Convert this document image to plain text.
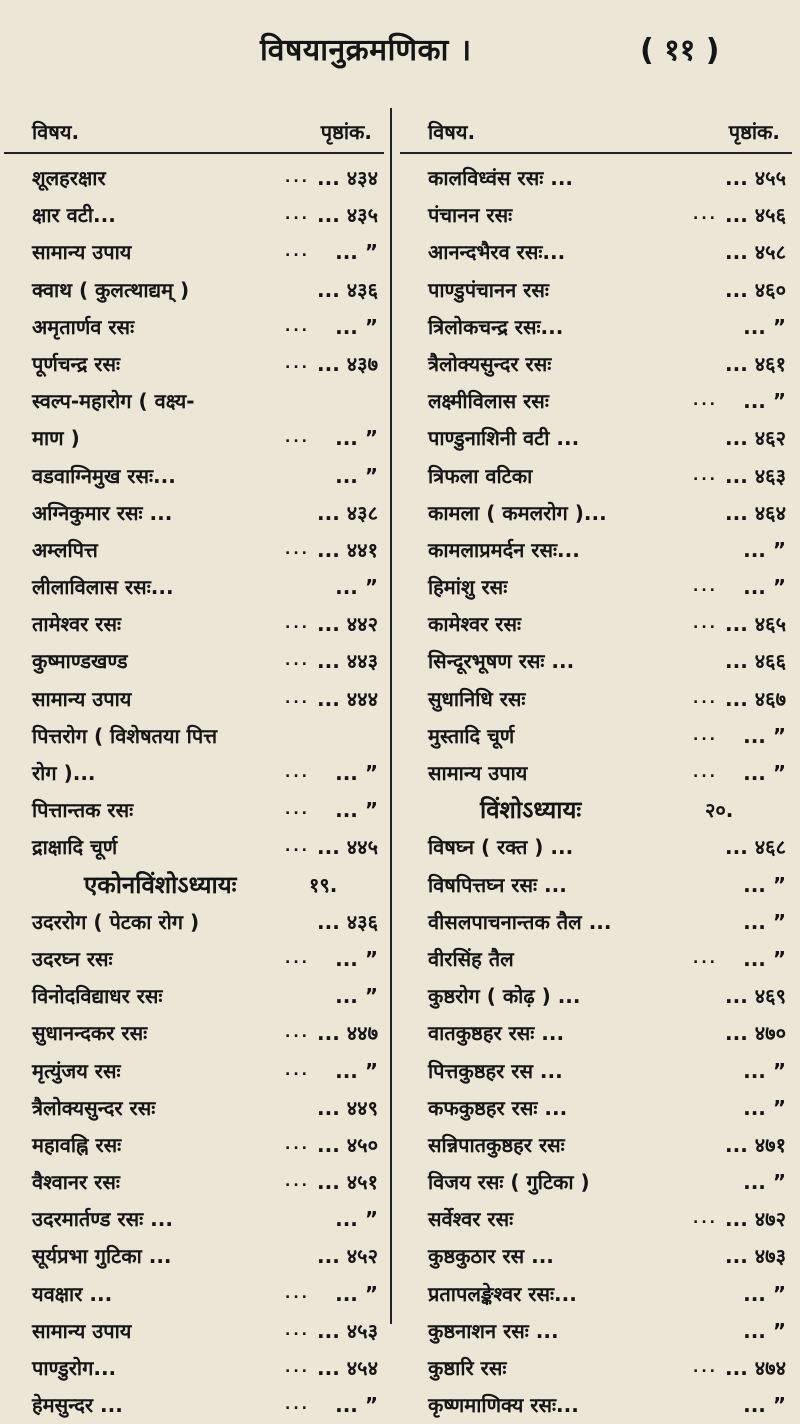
विषयानुक्रमणिका ।	( ११ )
विषय.	पृष्ठांक.
शूलहरक्षार	... ... ४३४
क्षार वटी...	... ... ४३५
सामान्य उपाय	... ... ”
क्वाथ ( कुलत्थाद्यम् )	... ४३६
अमृतार्णव रसः	... ... ”
पूर्णचन्द्र रसः	... ... ४३७
स्वल्प-महारोग ( वक्ष्य-
माण )	... ... ”
वडवाग्निमुख रसः...	... ”
अग्निकुमार रसः ...	... ४३८
अम्लपित्त	... ... ४४१
लीलाविलास रसः...	... ”
तामेश्वर रसः	... ... ४४२
कुष्माण्डखण्ड	... ... ४४३
सामान्य उपाय	... ... ४४४
पित्तरोग ( विशेषतया पित्त
रोग )...	... ... ”
पित्तान्तक रसः	... ... ”
द्राक्षादि चूर्ण	... ... ४४५
एकोनविंशोऽध्यायः	१९.
उदररोग ( पेटका रोग )	... ४३६
उदरघ्न रसः	... ... ”
विनोदविद्याधर रसः	... ”
सुधानन्दकर रसः	... ... ४४७
मृत्युंजय रसः	... ... ”
त्रैलोक्यसुन्दर रसः	... ४४९
महावह्नि रसः	... ... ४५०
वैश्वानर रसः	... ... ४५१
उदरमार्तण्ड रसः ...	... ”
सूर्यप्रभा गुटिका ...	... ४५२
यवक्षार ...	... ... ”
सामान्य उपाय	... ... ४५३
पाण्डुरोग...	... ... ४५४
हेमसुन्दर ...	... ... ”
विषय.	पृष्ठांक.
कालविध्वंस रसः ...	... ४५५
पंचानन रसः	... ... ४५६
आनन्दभैरव रसः...	... ४५८
पाण्डुपंचानन रसः	... ४६०
त्रिलोकचन्द्र रसः...	... ”
त्रैलोक्यसुन्दर रसः	... ४६१
लक्ष्मीविलास रसः	... ... ”
पाण्डुनाशिनी वटी ...	... ४६२
त्रिफला वटिका	... ... ४६३
कामला ( कमलरोग )...	... ४६४
कामलाप्रमर्दन रसः...	... ”
हिमांशु रसः	... ... ”
कामेश्वर रसः	... ... ४६५
सिन्दूरभूषण रसः ...	... ४६६
सुधानिधि रसः	... ... ४६७
मुस्तादि चूर्ण	... ... ”
सामान्य उपाय	... ... ”
विंशोऽध्यायः	२०.
विषघ्न ( रक्त ) ...	... ४६८
विषपित्तघ्न रसः ...	... ”
वीसलपाचनान्तक तैल ...	... ”
वीरसिंह तैल	... ... ”
कुष्ठरोग ( कोढ़ ) ...	... ४६९
वातकुष्ठहर रसः ...	... ४७०
पित्तकुष्ठहर रस ...	... ”
कफकुष्ठहर रसः ...	... ”
सन्निपातकुष्ठहर रसः	... ४७१
विजय रसः ( गुटिका )	... ”
सर्वेश्वर रसः	... ... ४७२
कुष्ठकुठार रस ...	... ४७३
प्रतापलङ्केश्वर रसः...	... ”
कुष्ठनाशन रसः ...	... ”
कुष्ठारि रसः	... ... ४७४
कृष्णमाणिक्य रसः...	... ”
